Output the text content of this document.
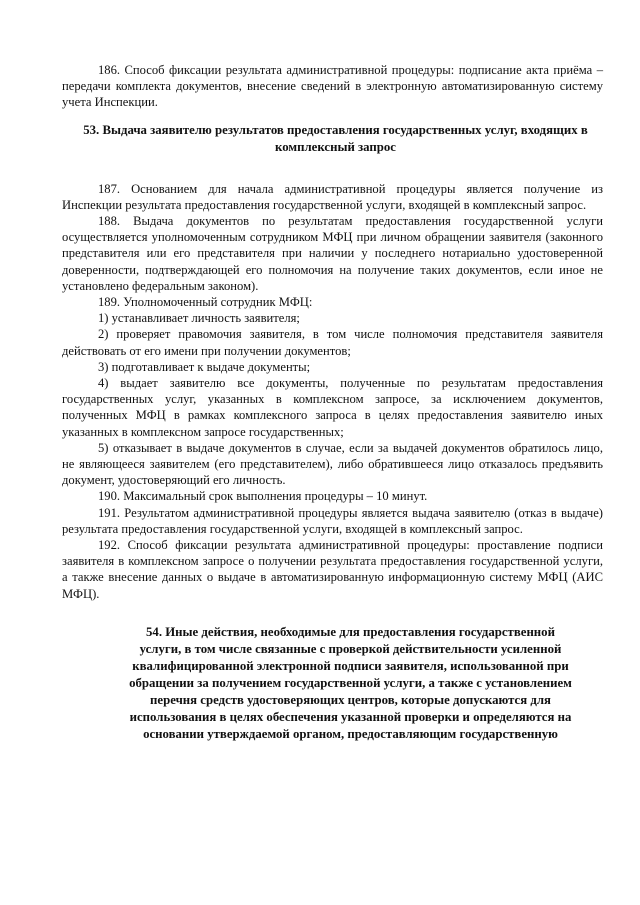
186. Способ фиксации результата административной процедуры: подписание акта приёма – передачи комплекта документов, внесение сведений в электронную автоматизированную систему учета Инспекции.

53. Выдача заявителю результатов предоставления государственных услуг, входящих в комплексный запрос

187. Основанием для начала административной процедуры является получение из Инспекции результата предоставления государственной услуги, входящей в комплексный запрос.

188. Выдача документов по результатам предоставления государственной услуги осуществляется уполномоченным сотрудником МФЦ при личном обращении заявителя (законного представителя или его представителя при наличии у последнего нотариально удостоверенной доверенности, подтверждающей его полномочия на получение таких документов, если иное не установлено федеральным законом).

189. Уполномоченный сотрудник МФЦ:

1) устанавливает личность заявителя;

2) проверяет правомочия заявителя, в том числе полномочия представителя заявителя действовать от его имени при получении документов;

3) подготавливает к выдаче документы;

4) выдает заявителю все документы, полученные по результатам предоставления государственных услуг, указанных в комплексном запросе, за исключением документов, полученных МФЦ в рамках комплексного запроса в целях предоставления заявителю иных указанных в комплексном запросе государственных;

5) отказывает в выдаче документов в случае, если за выдачей документов обратилось лицо, не являющееся заявителем (его представителем), либо обратившееся лицо отказалось предъявить документ, удостоверяющий его личность.

190. Максимальный срок выполнения процедуры – 10 минут.

191. Результатом административной процедуры является выдача заявителю (отказ в выдаче) результата предоставления государственной услуги, входящей в комплексный запрос.

192. Способ фиксации результата административной процедуры: проставление подписи заявителя в комплексном запросе о получении результата предоставления государственной услуги, а также внесение данных о выдаче в автоматизированную информационную систему МФЦ (АИС МФЦ).

54. Иные действия, необходимые для предоставления государственной
услуги, в том числе связанные с проверкой действительности усиленной
квалифицированной электронной подписи заявителя, использованной при
обращении за получением государственной услуги, а также с установлением
перечня средств удостоверяющих центров, которые допускаются для
использования в целях обеспечения указанной проверки и определяются на
основании утверждаемой органом, предоставляющим государственную
